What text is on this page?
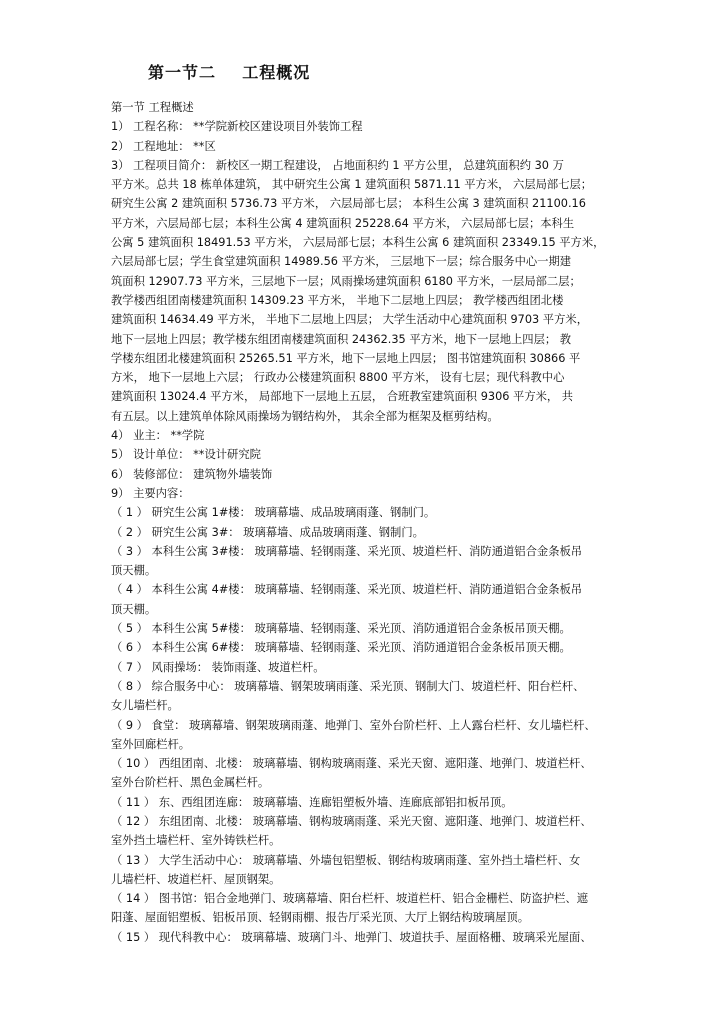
第一节二    工程概况
第一节 工程概述
1） 工程名称： **学院新校区建设项目外装饰工程
2） 工程地址： **区
3） 工程项目简介： 新校区一期工程建设， 占地面积约 1 平方公里， 总建筑面积约 30 万
平方米。总共 18 栋单体建筑， 其中研究生公寓 1 建筑面积 5871.11 平方米， 六层局部七层；
研究生公寓 2 建筑面积 5736.73 平方米， 六层局部七层； 本科生公寓 3 建筑面积 21100.16
平方米，六层局部七层；本科生公寓 4 建筑面积 25228.64 平方米， 六层局部七层；本科生
公寓 5 建筑面积 18491.53 平方米， 六层局部七层；本科生公寓 6 建筑面积 23349.15 平方米，
六层局部七层；学生食堂建筑面积 14989.56 平方米， 三层地下一层；综合服务中心一期建
筑面积 12907.73 平方米，三层地下一层；风雨操场建筑面积 6180 平方米，一层局部二层；
教学楼西组团南楼建筑面积 14309.23 平方米， 半地下二层地上四层； 教学楼西组团北楼
建筑面积 14634.49 平方米， 半地下二层地上四层； 大学生活动中心建筑面积 9703 平方米，
地下一层地上四层；教学楼东组团南楼建筑面积 24362.35 平方米，地下一层地上四层； 教
学楼东组团北楼建筑面积 25265.51 平方米，地下一层地上四层； 图书馆建筑面积 30866 平
方米， 地下一层地上六层； 行政办公楼建筑面积 8800 平方米， 设有七层；现代科教中心
建筑面积 13024.4 平方米， 局部地下一层地上五层， 合班教室建筑面积 9306 平方米， 共
有五层。以上建筑单体除风雨操场为钢结构外， 其余全部为框架及框剪结构。
4） 业主： **学院
5） 设计单位： **设计研究院
6） 装修部位： 建筑物外墙装饰
9） 主要内容：
（ 1 ） 研究生公寓 1#楼： 玻璃幕墙、成品玻璃雨蓬、钢制门。
（ 2 ） 研究生公寓 3#： 玻璃幕墙、成品玻璃雨蓬、钢制门。
（ 3 ） 本科生公寓 3#楼： 玻璃幕墙、轻钢雨蓬、采光顶、坡道栏杆、消防通道铝合金条板吊
顶天棚。
（ 4 ） 本科生公寓 4#楼： 玻璃幕墙、轻钢雨蓬、采光顶、坡道栏杆、消防通道铝合金条板吊
顶天棚。
（ 5 ） 本科生公寓 5#楼： 玻璃幕墙、轻钢雨蓬、采光顶、消防通道铝合金条板吊顶天棚。
（ 6 ） 本科生公寓 6#楼： 玻璃幕墙、轻钢雨蓬、采光顶、消防通道铝合金条板吊顶天棚。
（ 7 ） 风雨操场： 装饰雨蓬、坡道栏杆。
（ 8 ） 综合服务中心： 玻璃幕墙、钢架玻璃雨蓬、采光顶、钢制大门、坡道栏杆、阳台栏杆、
女儿墙栏杆。
（ 9 ） 食堂： 玻璃幕墙、钢架玻璃雨蓬、地弹门、室外台阶栏杆、上人露台栏杆、女儿墙栏杆、
室外回廊栏杆。
（ 10 ） 西组团南、北楼： 玻璃幕墙、钢构玻璃雨蓬、采光天窗、遮阳蓬、地弹门、坡道栏杆、
室外台阶栏杆、黑色金属栏杆。
（ 11 ） 东、西组团连廊： 玻璃幕墙、连廊铝塑板外墙、连廊底部铝扣板吊顶。
（ 12 ） 东组团南、北楼： 玻璃幕墙、钢构玻璃雨蓬、采光天窗、遮阳蓬、地弹门、坡道栏杆、
室外挡土墙栏杆、室外铸铁栏杆。
（ 13 ） 大学生活动中心： 玻璃幕墙、外墙包铝塑板、钢结构玻璃雨蓬、室外挡土墙栏杆、女
儿墙栏杆、坡道栏杆、屋顶钢架。
（ 14 ） 图书馆：铝合金地弹门、玻璃幕墙、阳台栏杆、坡道栏杆、铝合金栅栏、防盗护栏、遮
阳蓬、屋面铝塑板、铝板吊顶、轻钢雨棚、报告厅采光顶、大厅上钢结构玻璃屋顶。
（ 15 ） 现代科教中心： 玻璃幕墙、玻璃门斗、地弹门、坡道扶手、屋面格栅、玻璃采光屋面、
